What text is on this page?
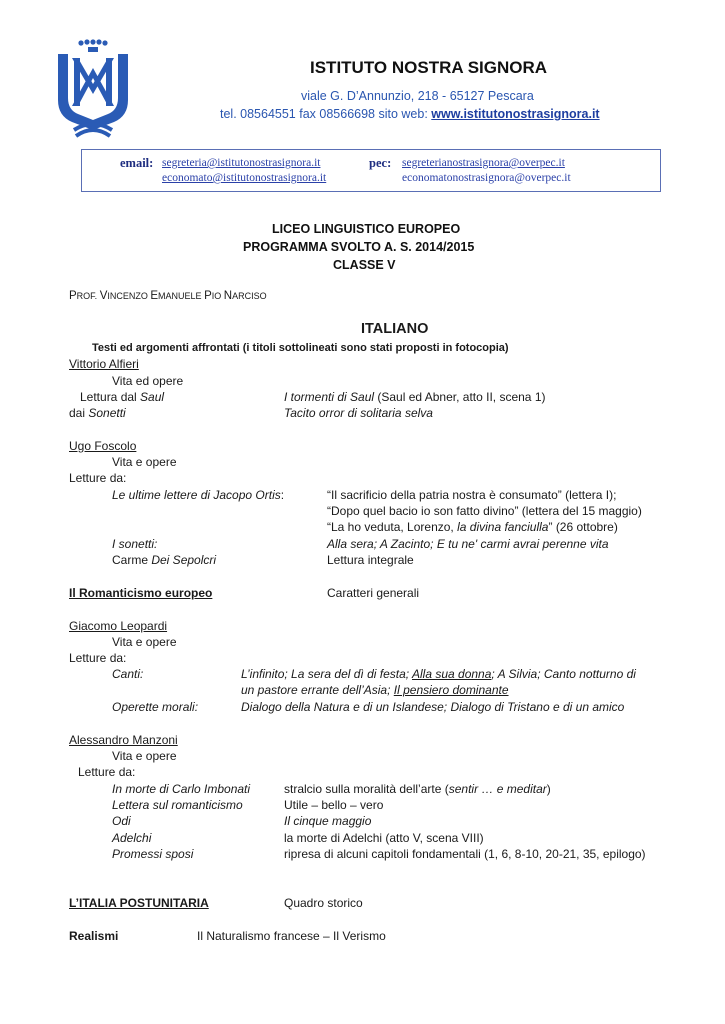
ISTITUTO NOSTRA SIGNORA
viale G. D’Annunzio, 218 - 65127 Pescara
tel. 08564551 fax 08566698 sito web: www.istitutonostrasignora.it
email: segreteria@istitutonostrasignora.it
economato@istitutonostrasignora.it
pec: segreterianostrasignora@overpec.it
economatonostrasignora@overpec.it
LICEO LINGUISTICO EUROPEO
PROGRAMMA SVOLTO A. S. 2014/2015
CLASSE V
PROF. VINCENZO EMANUELE PIO NARCISO
ITALIANO
Testi ed argomenti affrontati (i titoli sottolineati sono stati proposti in fotocopia)
Vittorio Alfieri
Vita ed opere
Lettura dal Saul	I tormenti di Saul (Saul ed Abner, atto II, scena 1)
dai Sonetti	Tacito orror di solitaria selva
Ugo Foscolo
Vita e opere
Letture da:
Le ultime lettere di Jacopo Ortis:	“Il sacrificio della patria nostra è consumato” (lettera I);
“Dopo quel bacio io son fatto divino” (lettera del 15 maggio)
“La ho veduta, Lorenzo, la divina fanciulla” (26 ottobre)
I sonetti:	Alla sera; A Zacinto; E tu ne' carmi avrai perenne vita
Carme Dei Sepolcri	Lettura integrale
Il Romanticismo europeo	Caratteri generali
Giacomo Leopardi
Vita e opere
Letture da:
Canti:	L’infinito; La sera del dì di festa; Alla sua donna; A Silvia; Canto notturno di
un pastore errante dell’Asia; Il pensiero dominante
Operette morali:	Dialogo della Natura e di un Islandese; Dialogo di Tristano e di un amico
Alessandro Manzoni
Vita e opere
Letture da:
In morte di Carlo Imbonati	stralcio sulla moralità dell’arte (sentir … e meditar)
Lettera sul romanticismo	Utile – bello – vero
Odi	Il cinque maggio
Adelchi	la morte di Adelchi (atto V, scena VIII)
Promessi sposi	ripresa di alcuni capitoli fondamentali (1, 6, 8-10, 20-21, 35, epilogo)
L’ITALIA POSTUNITARIA	Quadro storico
Realismi	Il Naturalismo francese – Il Verismo
